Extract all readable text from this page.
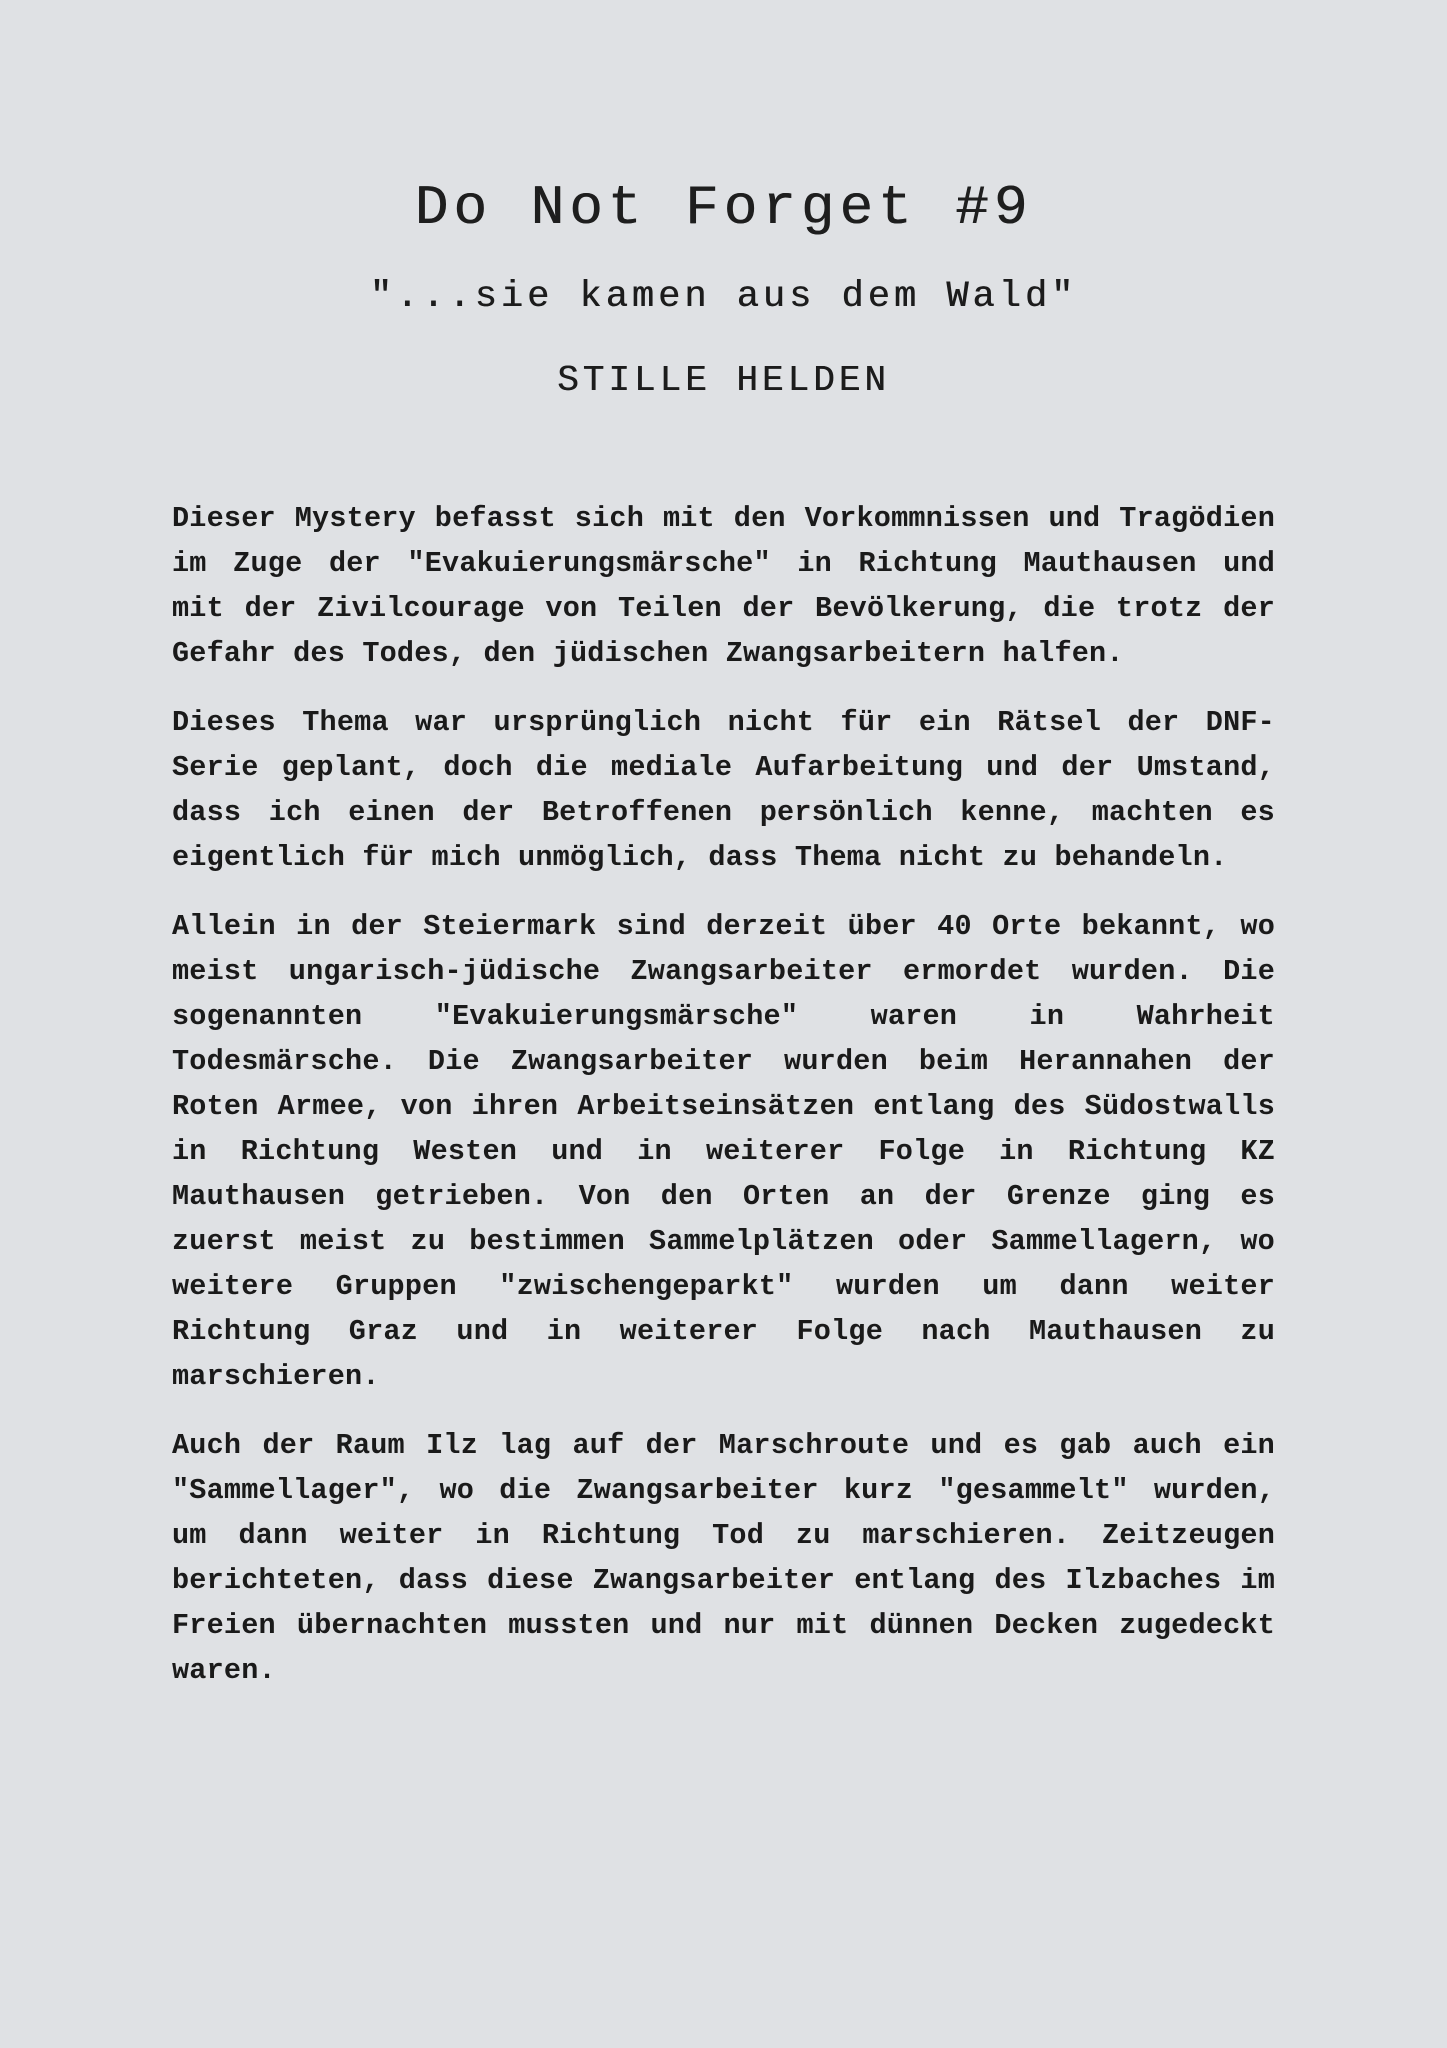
Do Not Forget #9
"...sie kamen aus dem Wald"
STILLE HELDEN

Dieser Mystery befasst sich mit den Vorkommnissen und Tragödien im Zuge der "Evakuierungsmärsche" in Richtung Mauthausen und mit der Zivilcourage von Teilen der Bevölkerung, die trotz der Gefahr des Todes, den jüdischen Zwangsarbeitern halfen.

Dieses Thema war ursprünglich nicht für ein Rätsel der DNF-Serie geplant, doch die mediale Aufarbeitung und der Umstand, dass ich einen der Betroffenen persönlich kenne, machten es eigentlich für mich unmöglich, dass Thema nicht zu behandeln.

Allein in der Steiermark sind derzeit über 40 Orte bekannt, wo meist ungarisch-jüdische Zwangsarbeiter ermordet wurden. Die sogenannten "Evakuierungsmärsche" waren in Wahrheit Todesmärsche. Die Zwangsarbeiter wurden beim Herannahen der Roten Armee, von ihren Arbeitseinsätzen entlang des Südostwalls in Richtung Westen und in weiterer Folge in Richtung KZ Mauthausen getrieben. Von den Orten an der Grenze ging es zuerst meist zu bestimmen Sammelplätzen oder Sammellagern, wo weitere Gruppen "zwischengeparkt" wurden um dann weiter Richtung Graz und in weiterer Folge nach Mauthausen zu marschieren.

Auch der Raum Ilz lag auf der Marschroute und es gab auch ein "Sammellager", wo die Zwangsarbeiter kurz "gesammelt" wurden, um dann weiter in Richtung Tod zu marschieren. Zeitzeugen berichteten, dass diese Zwangsarbeiter entlang des Ilzbaches im Freien übernachten mussten und nur mit dünnen Decken zugedeckt waren.
